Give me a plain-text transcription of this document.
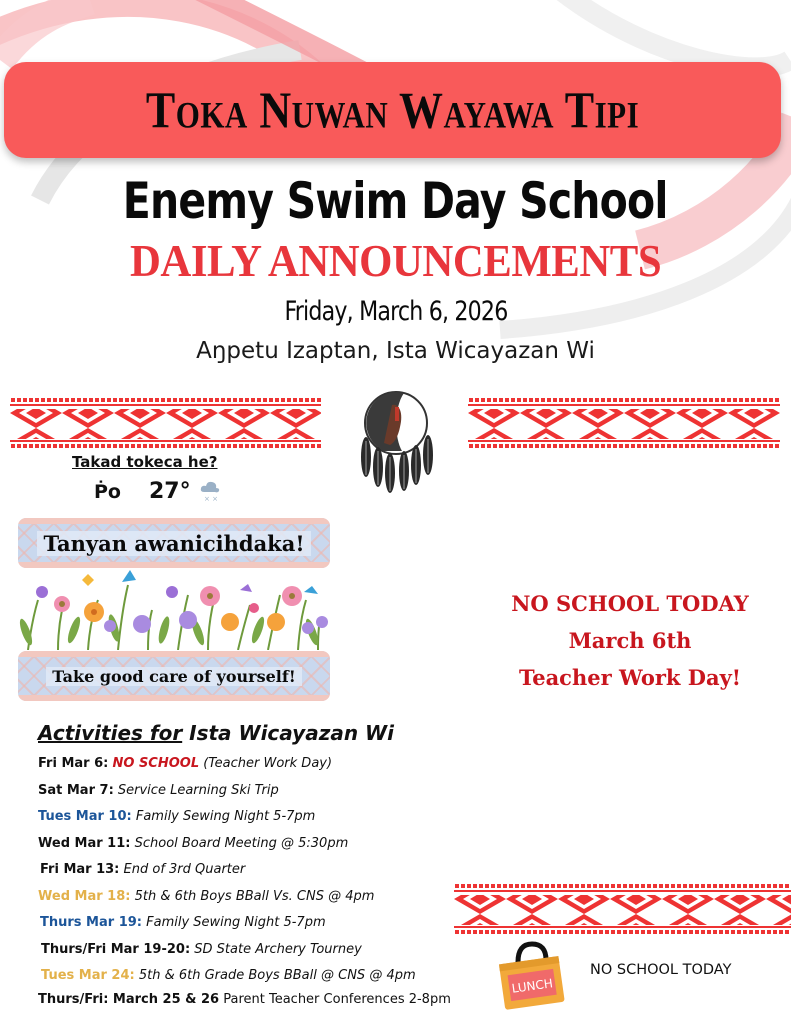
Toka Nuwan Wayawa Tipi
Enemy Swim Day School
DAILY ANNOUNCEMENTS
Friday, March 6, 2026
Aŋpetu Izaptan, Ista Wicayazan Wi
Takad tokeca he?
Ṗo 27° × ×
Tanyan awanicihdaka!
Take good care of yourself!
NO SCHOOL TODAY
March 6th
Teacher Work Day!
Activities for Ista Wicayazan Wi
Fri Mar 6: NO SCHOOL (Teacher Work Day)
Sat Mar 7: Service Learning Ski Trip
Tues Mar 10: Family Sewing Night 5-7pm
Wed Mar 11: School Board Meeting @ 5:30pm
Fri Mar 13: End of 3rd Quarter
Wed Mar 18: 5th & 6th Boys BBall Vs. CNS @ 4pm
Thurs Mar 19: Family Sewing Night 5-7pm
Thurs/Fri Mar 19-20: SD State Archery Tourney
Tues Mar 24: 5th & 6th Grade Boys BBall @ CNS @ 4pm
Thurs/Fri: March 25 & 26 Parent Teacher Conferences 2-8pm
LUNCH
NO SCHOOL TODAY
